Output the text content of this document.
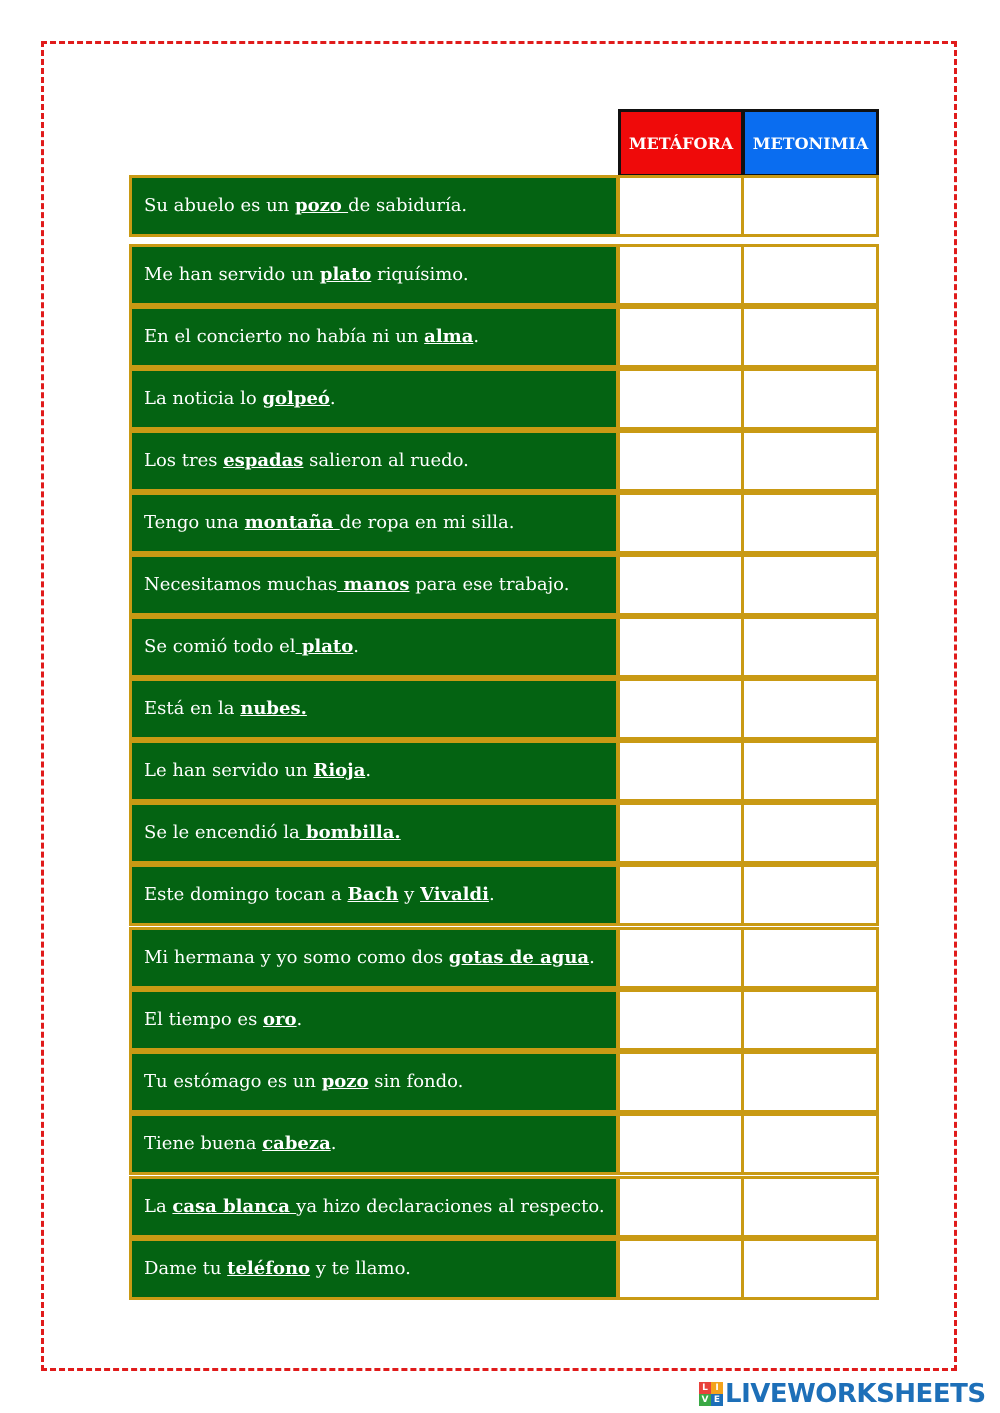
METÁFORA	METONIMIA
Su abuelo es un pozo de sabiduría.
Me han servido un plato riquísimo.
En el concierto no había ni un alma.
La noticia lo golpeó.
Los tres espadas salieron al ruedo.
Tengo una montaña de ropa en mi silla.
Necesitamos muchas manos para ese trabajo.
Se comió todo el plato.
Está en la nubes.
Le han servido un Rioja.
Se le encendió la bombilla.
Este domingo tocan a Bach y Vivaldi.
Mi hermana y yo somo como dos gotas de agua.
El tiempo es oro.
Tu estómago es un pozo sin fondo.
Tiene buena cabeza.
La casa blanca ya hizo declaraciones al respecto.
Dame tu teléfono y te llamo.
L I
V E LIVEWORKSHEETS
